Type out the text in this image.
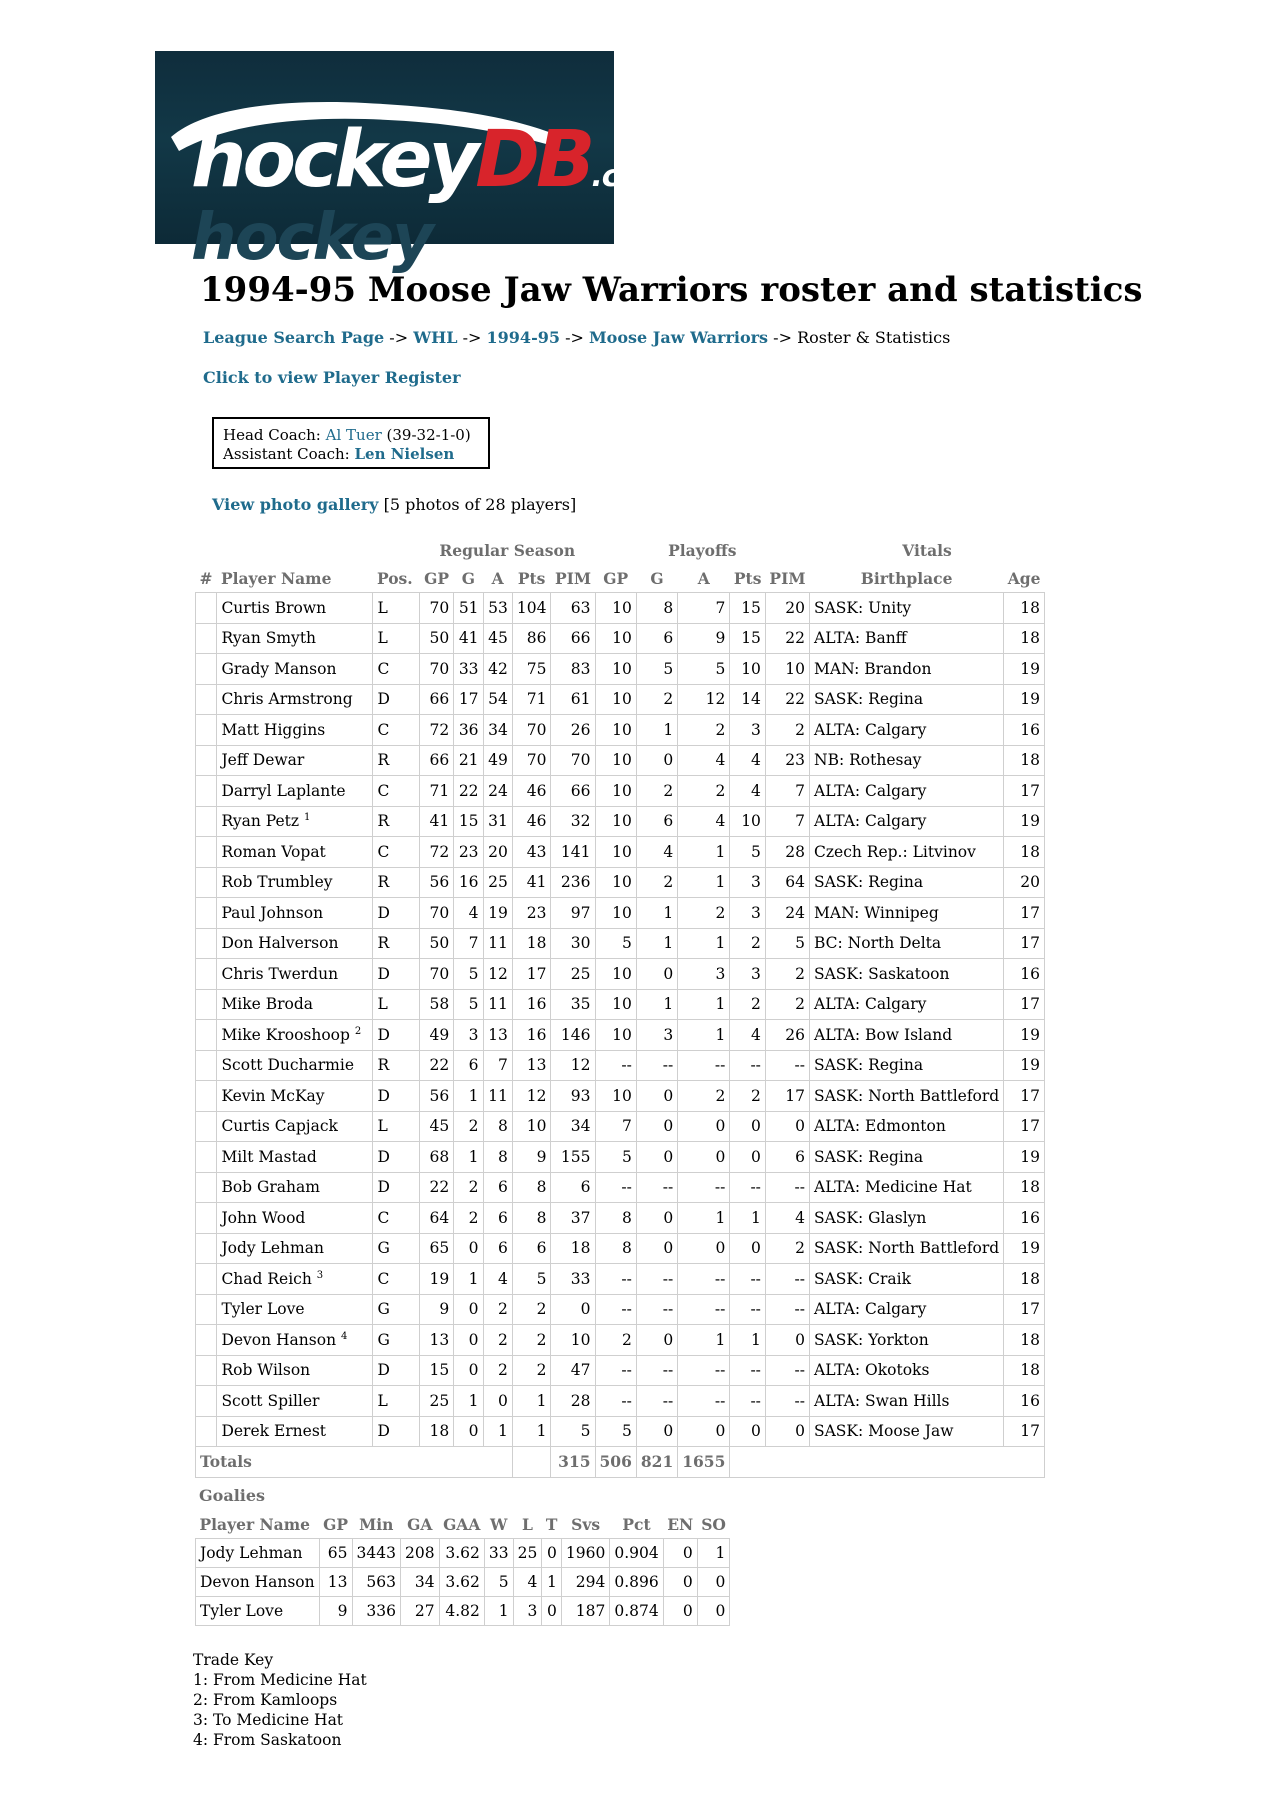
hockey
hockeyDB.com
1994-95 Moose Jaw Warriors roster and statistics
League Search Page -> WHL -> 1994-95 -> Moose Jaw Warriors -> Roster & Statistics
Click to view Player Register
Head Coach: Al Tuer (39-32-1-0)
Assistant Coach: Len Nielsen
View photo gallery [5 photos of 28 players]
			Regular Season					Playoffs					Vitals	
#	Player Name	Pos.	GP	G	A	Pts	PIM	GP	G	A	Pts	PIM	Birthplace	Age
	Curtis Brown	L	70	51	53	104	63	10	8	7	15	20	SASK: Unity	18
	Ryan Smyth	L	50	41	45	86	66	10	6	9	15	22	ALTA: Banff	18
	Grady Manson	C	70	33	42	75	83	10	5	5	10	10	MAN: Brandon	19
	Chris Armstrong	D	66	17	54	71	61	10	2	12	14	22	SASK: Regina	19
	Matt Higgins	C	72	36	34	70	26	10	1	2	3	2	ALTA: Calgary	16
	Jeff Dewar	R	66	21	49	70	70	10	0	4	4	23	NB: Rothesay	18
	Darryl Laplante	C	71	22	24	46	66	10	2	2	4	7	ALTA: Calgary	17
	Ryan Petz $^1$	R	41	15	31	46	32	10	6	4	10	7	ALTA: Calgary	19
	Roman Vopat	C	72	23	20	43	141	10	4	1	5	28	Czech Rep.: Litvinov	18
	Rob Trumbley	R	56	16	25	41	236	10	2	1	3	64	SASK: Regina	20
	Paul Johnson	D	70	4	19	23	97	10	1	2	3	24	MAN: Winnipeg	17
	Don Halverson	R	50	7	11	18	30	5	1	1	2	5	BC: North Delta	17
	Chris Twerdun	D	70	5	12	17	25	10	0	3	3	2	SASK: Saskatoon	16
	Mike Broda	L	58	5	11	16	35	10	1	1	2	2	ALTA: Calgary	17
	Mike Krooshoop $^2$	D	49	3	13	16	146	10	3	1	4	26	ALTA: Bow Island	19
	Scott Ducharmie	R	22	6	7	13	12	--	--	--	--	--	SASK: Regina	19
	Kevin McKay	D	56	1	11	12	93	10	0	2	2	17	SASK: North Battleford	17
	Curtis Capjack	L	45	2	8	10	34	7	0	0	0	0	ALTA: Edmonton	17
	Milt Mastad	D	68	1	8	9	155	5	0	0	0	6	SASK: Regina	19
	Bob Graham	D	22	2	6	8	6	--	--	--	--	--	ALTA: Medicine Hat	18
	John Wood	C	64	2	6	8	37	8	0	1	1	4	SASK: Glaslyn	16
	Jody Lehman	G	65	0	6	6	18	8	0	0	0	2	SASK: North Battleford	19
	Chad Reich $^3$	C	19	1	4	5	33	--	--	--	--	--	SASK: Craik	18
	Tyler Love	G	9	0	2	2	0	--	--	--	--	--	ALTA: Calgary	17
	Devon Hanson $^4$	G	13	0	2	2	10	2	0	1	1	0	SASK: Yorkton	18
	Rob Wilson	D	15	0	2	2	47	--	--	--	--	--	ALTA: Okotoks	18
	Scott Spiller	L	25	1	0	1	28	--	--	--	--	--	ALTA: Swan Hills	16
	Derek Ernest	D	18	0	1	1	5	5	0	0	0	0	SASK: Moose Jaw	17
Totals							315	506	821	1655				
Goalies
Player Name	GP	Min	GA	GAA	W	L	T	Svs	Pct	EN	SO
Jody Lehman	65	3443	208	3.62	33	25	0	1960	0.904	0	1
Devon Hanson	13	563	34	3.62	5	4	1	294	0.896	0	0
Tyler Love	9	336	27	4.82	1	3	0	187	0.874	0	0
Trade Key
1: From Medicine Hat
2: From Kamloops
3: To Medicine Hat
4: From Saskatoon
